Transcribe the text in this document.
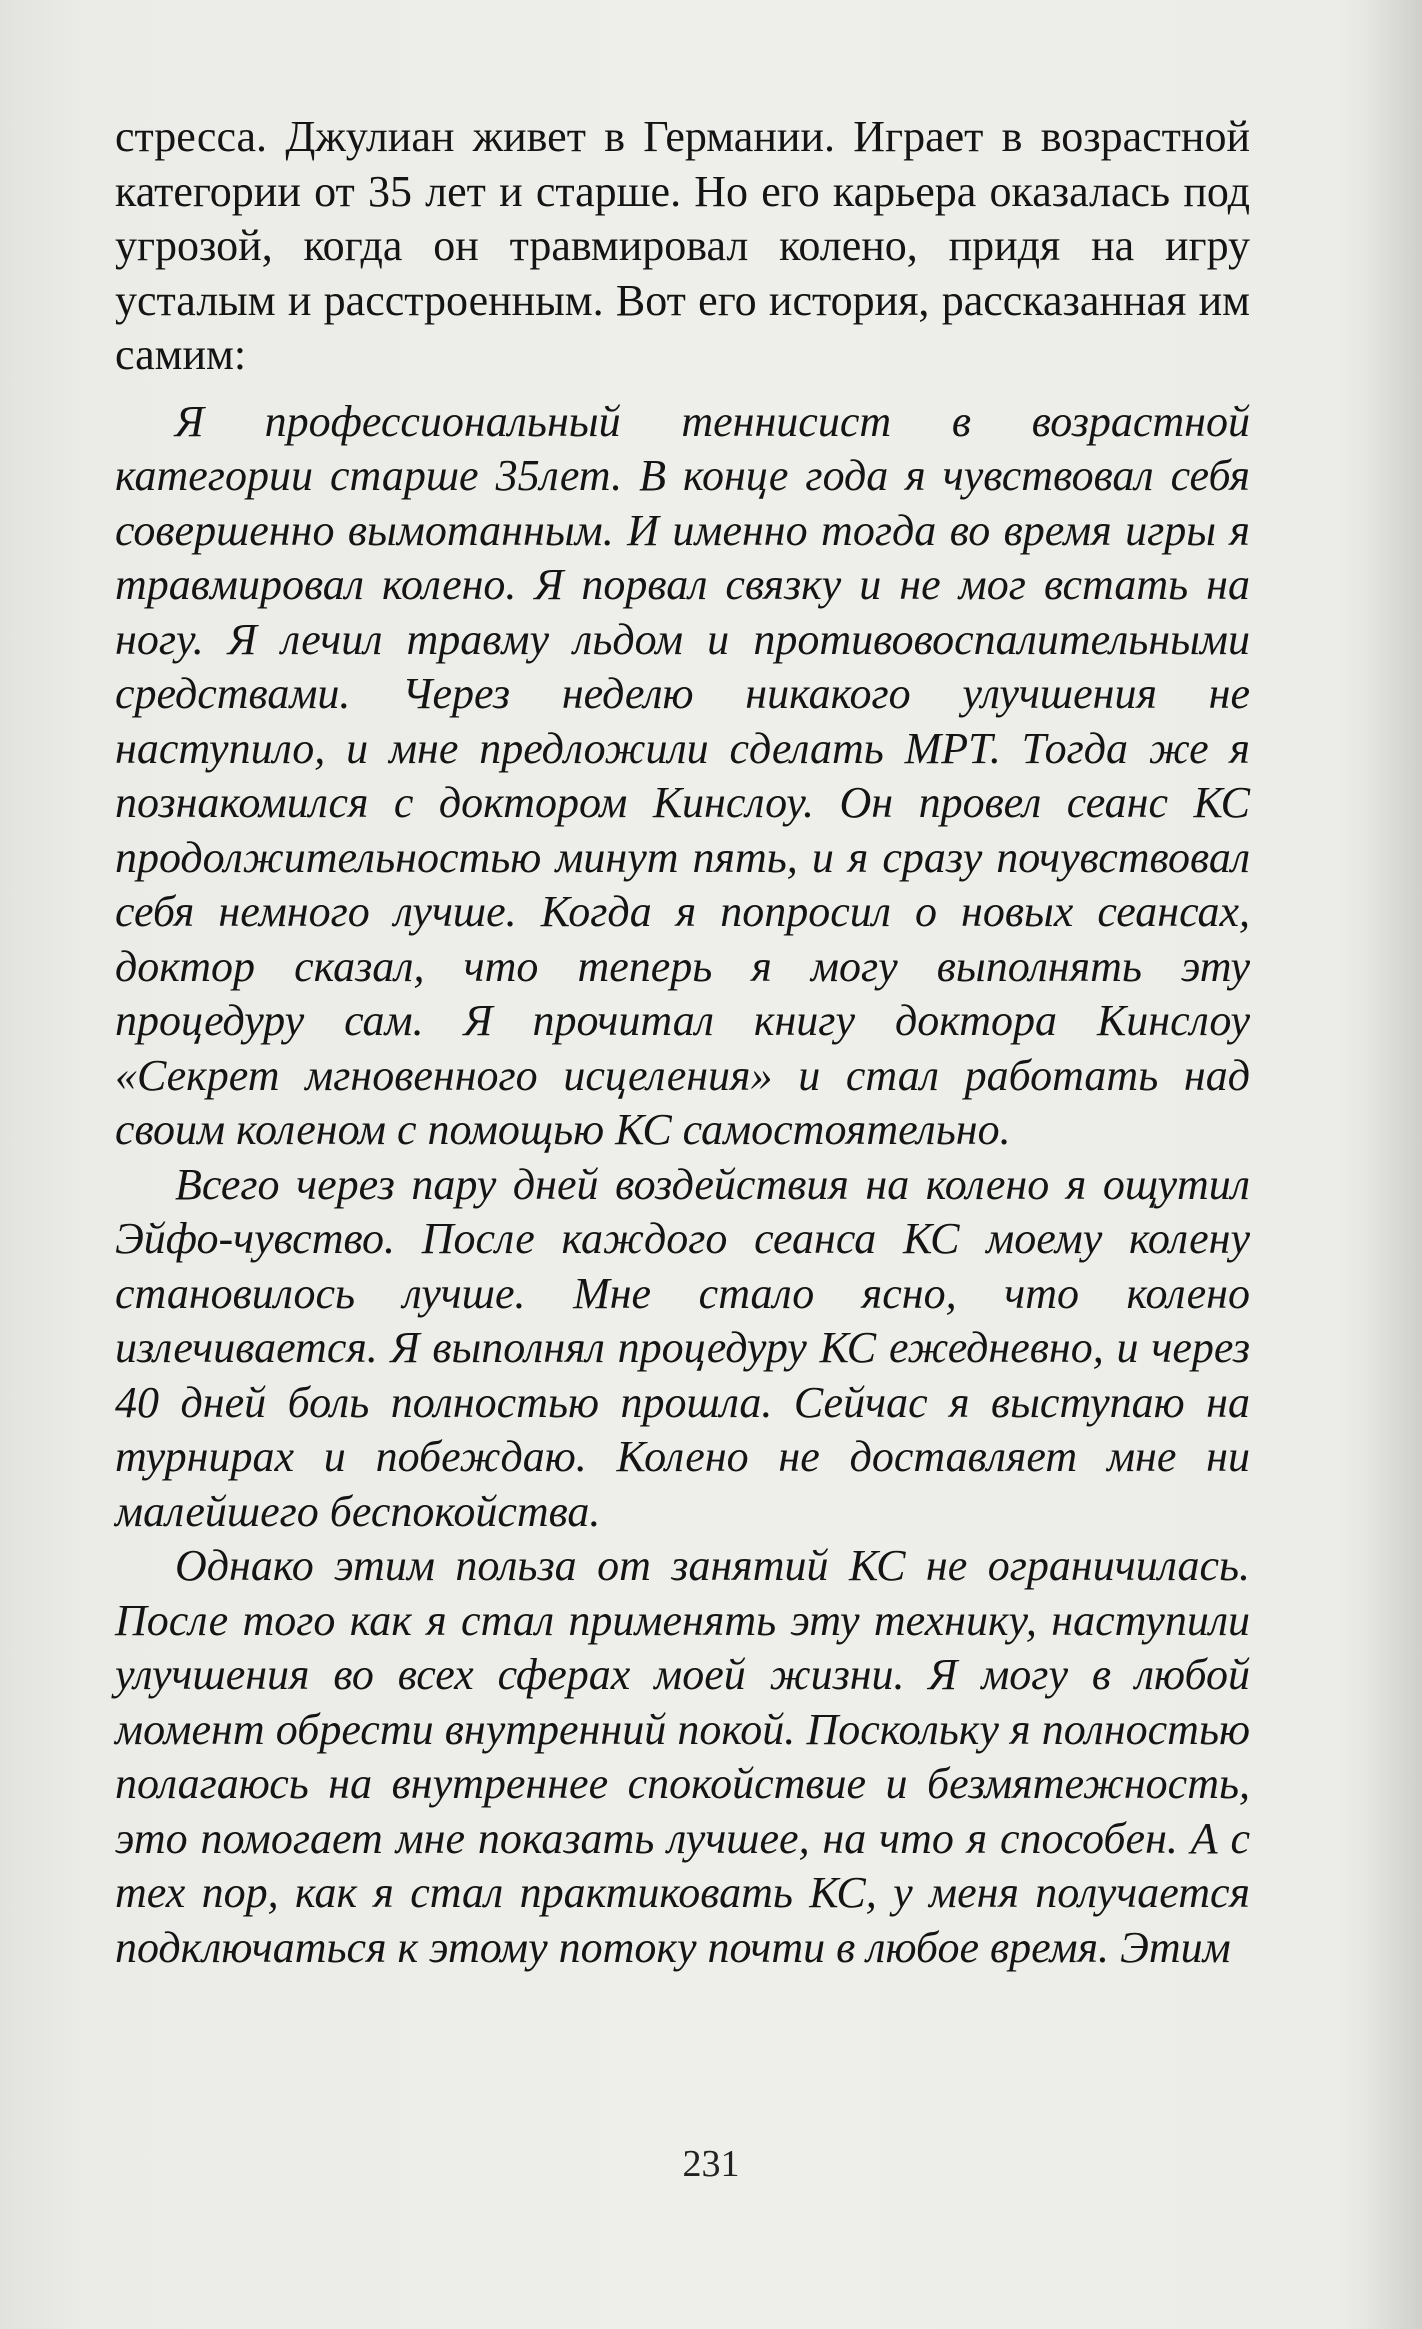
стресса. Джулиан живет в Германии. Играет в возрастной категории от 35 лет и старше. Но его карьера оказалась под угрозой, когда он травмировал колено, придя на игру усталым и расстроенным. Вот его история, рассказанная им самим:

Я профессиональный теннисист в возрастной категории старше 35лет. В конце года я чувствовал себя совершенно вымотанным. И именно тогда во время игры я травмировал колено. Я порвал связку и не мог встать на ногу. Я лечил травму льдом и противовоспалительными средствами. Через неделю никакого улучшения не наступило, и мне предложили сделать МРТ. Тогда же я познакомился с доктором Кинслоу. Он провел сеанс КС продолжительностью минут пять, и я сразу почувствовал себя немного лучше. Когда я попросил о новых сеансах, доктор сказал, что теперь я могу выполнять эту процедуру сам. Я прочитал книгу доктора Кинслоу «Секрет мгновенного исцеления» и стал работать над своим коленом с помощью КС самостоятельно.

Всего через пару дней воздействия на колено я ощутил Эйфо-чувство. После каждого сеанса КС моему колену становилось лучше. Мне стало ясно, что колено излечивается. Я выполнял процедуру КС ежедневно, и через 40 дней боль полностью прошла. Сейчас я выступаю на турнирах и побеждаю. Колено не доставляет мне ни малейшего беспокойства.

Однако этим польза от занятий КС не ограничилась. После того как я стал применять эту технику, наступили улучшения во всех сферах моей жизни. Я могу в любой момент обрести внутренний покой. Поскольку я полностью полагаюсь на внутреннее спокойствие и безмятежность, это помогает мне показать лучшее, на что я способен. А с тех пор, как я стал практиковать КС, у меня получается подключаться к этому потоку почти в любое время. Этим

231
